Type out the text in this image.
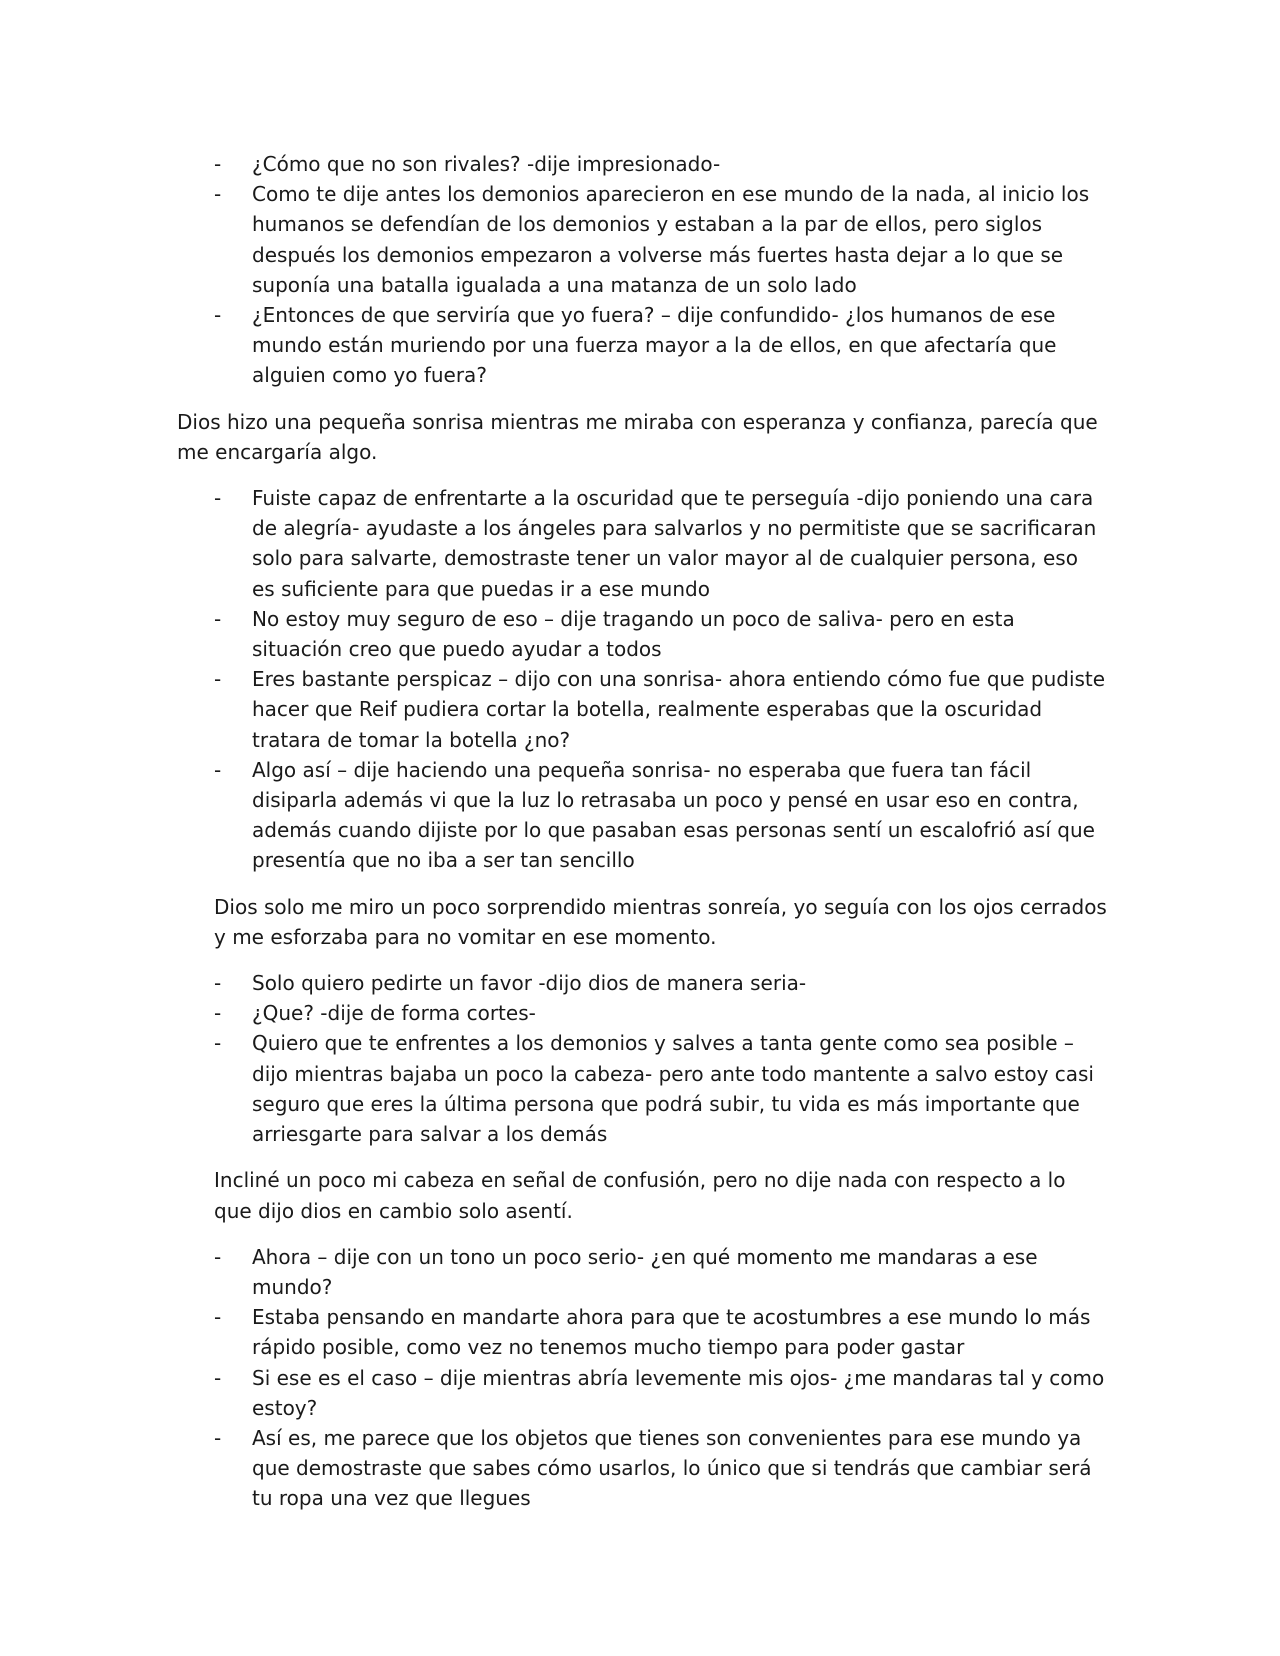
- ¿Cómo que no son rivales? -dije impresionado-
- Como te dije antes los demonios aparecieron en ese mundo de la nada, al inicio los humanos se defendían de los demonios y estaban a la par de ellos, pero siglos después los demonios empezaron a volverse más fuertes hasta dejar a lo que se suponía una batalla igualada a una matanza de un solo lado
- ¿Entonces de que serviría que yo fuera? – dije confundido- ¿los humanos de ese mundo están muriendo por una fuerza mayor a la de ellos, en que afectaría que alguien como yo fuera?

Dios hizo una pequeña sonrisa mientras me miraba con esperanza y confianza, parecía que me encargaría algo.

- Fuiste capaz de enfrentarte a la oscuridad que te perseguía -dijo poniendo una cara de alegría- ayudaste a los ángeles para salvarlos y no permitiste que se sacrificaran solo para salvarte, demostraste tener un valor mayor al de cualquier persona, eso es suficiente para que puedas ir a ese mundo
- No estoy muy seguro de eso – dije tragando un poco de saliva- pero en esta situación creo que puedo ayudar a todos
- Eres bastante perspicaz – dijo con una sonrisa- ahora entiendo cómo fue que pudiste hacer que Reif pudiera cortar la botella, realmente esperabas que la oscuridad tratara de tomar la botella ¿no?
- Algo así – dije haciendo una pequeña sonrisa- no esperaba que fuera tan fácil disiparla además vi que la luz lo retrasaba un poco y pensé en usar eso en contra, además cuando dijiste por lo que pasaban esas personas sentí un escalofrió así que presentía que no iba a ser tan sencillo

Dios solo me miro un poco sorprendido mientras sonreía, yo seguía con los ojos cerrados y me esforzaba para no vomitar en ese momento.

- Solo quiero pedirte un favor -dijo dios de manera seria-
- ¿Que? -dije de forma cortes-
- Quiero que te enfrentes a los demonios y salves a tanta gente como sea posible – dijo mientras bajaba un poco la cabeza- pero ante todo mantente a salvo estoy casi seguro que eres la última persona que podrá subir, tu vida es más importante que arriesgarte para salvar a los demás

Incliné un poco mi cabeza en señal de confusión, pero no dije nada con respecto a lo que dijo dios en cambio solo asentí.

- Ahora – dije con un tono un poco serio- ¿en qué momento me mandaras a ese mundo?
- Estaba pensando en mandarte ahora para que te acostumbres a ese mundo lo más rápido posible, como vez no tenemos mucho tiempo para poder gastar
- Si ese es el caso – dije mientras abría levemente mis ojos- ¿me mandaras tal y como estoy?
- Así es, me parece que los objetos que tienes son convenientes para ese mundo ya que demostraste que sabes cómo usarlos, lo único que si tendrás que cambiar será tu ropa una vez que llegues
